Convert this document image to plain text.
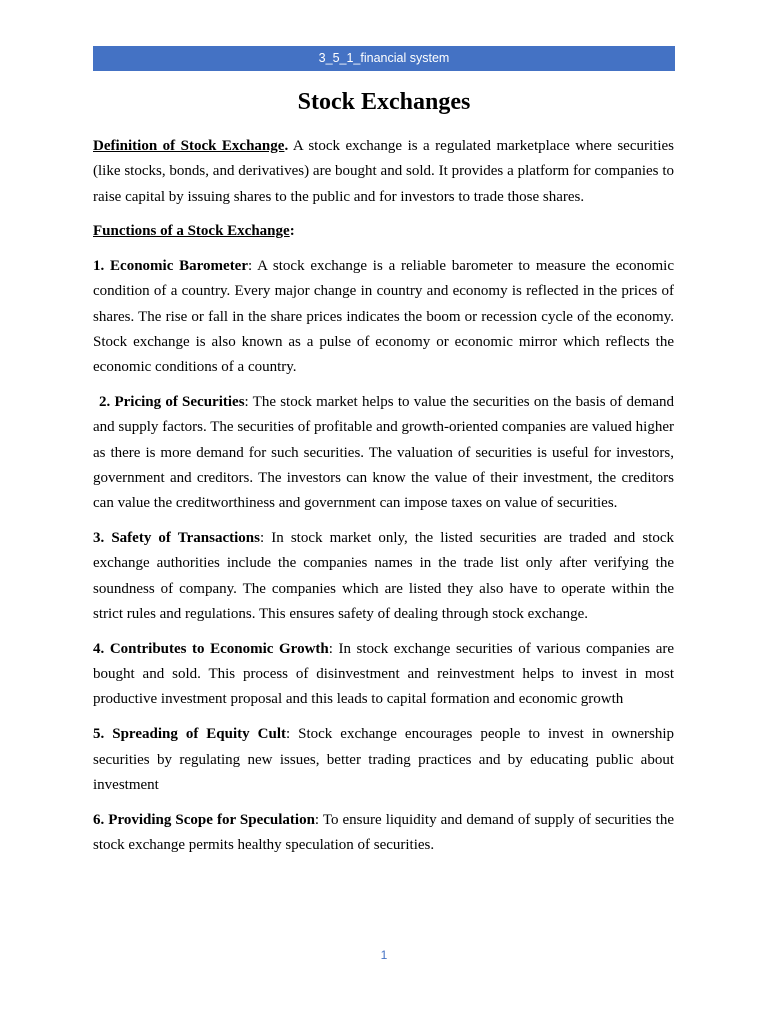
3_5_1_financial system
Stock Exchanges

Definition of Stock Exchange. A stock exchange is a regulated marketplace where securities (like stocks, bonds, and derivatives) are bought and sold. It provides a platform for companies to raise capital by issuing shares to the public and for investors to trade those shares.

Functions of a Stock Exchange:

1. Economic Barometer: A stock exchange is a reliable barometer to measure the economic condition of a country. Every major change in country and economy is reflected in the prices of shares. The rise or fall in the share prices indicates the boom or recession cycle of the economy. Stock exchange is also known as a pulse of economy or economic mirror which reflects the economic conditions of a country.

2. Pricing of Securities: The stock market helps to value the securities on the basis of demand and supply factors. The securities of profitable and growth-oriented companies are valued higher as there is more demand for such securities. The valuation of securities is useful for investors, government and creditors. The investors can know the value of their investment, the creditors can value the creditworthiness and government can impose taxes on value of securities.

3. Safety of Transactions: In stock market only, the listed securities are traded and stock exchange authorities include the companies names in the trade list only after verifying the soundness of company. The companies which are listed they also have to operate within the strict rules and regulations. This ensures safety of dealing through stock exchange.

4. Contributes to Economic Growth: In stock exchange securities of various companies are bought and sold. This process of disinvestment and reinvestment helps to invest in most productive investment proposal and this leads to capital formation and economic growth

5. Spreading of Equity Cult: Stock exchange encourages people to invest in ownership securities by regulating new issues, better trading practices and by educating public about investment

6. Providing Scope for Speculation: To ensure liquidity and demand of supply of securities the stock exchange permits healthy speculation of securities.

1
